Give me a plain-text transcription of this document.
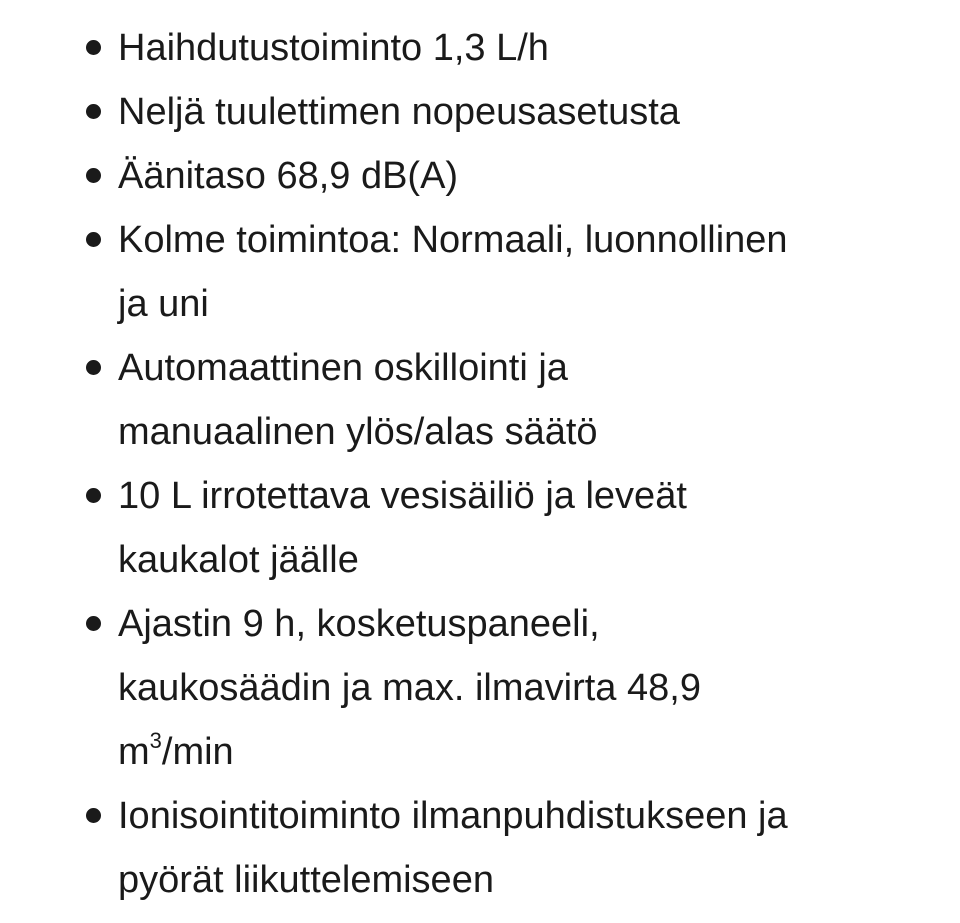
Haihdutustoiminto 1,3 L/h
Neljä tuulettimen nopeusasetusta
Äänitaso 68,9 dB(A)
Kolme toimintoa: Normaali, luonnollinen
ja uni
Automaattinen oskillointi ja
manuaalinen ylös/alas säätö
10 L irrotettava vesisäiliö ja leveät
kaukalot jäälle
Ajastin 9 h, kosketuspaneeli,
kaukosäädin ja max. ilmavirta 48,9
$m^3/\min$
Ionisointitoiminto ilmanpuhdistukseen ja
pyörät liikuttelemiseen
